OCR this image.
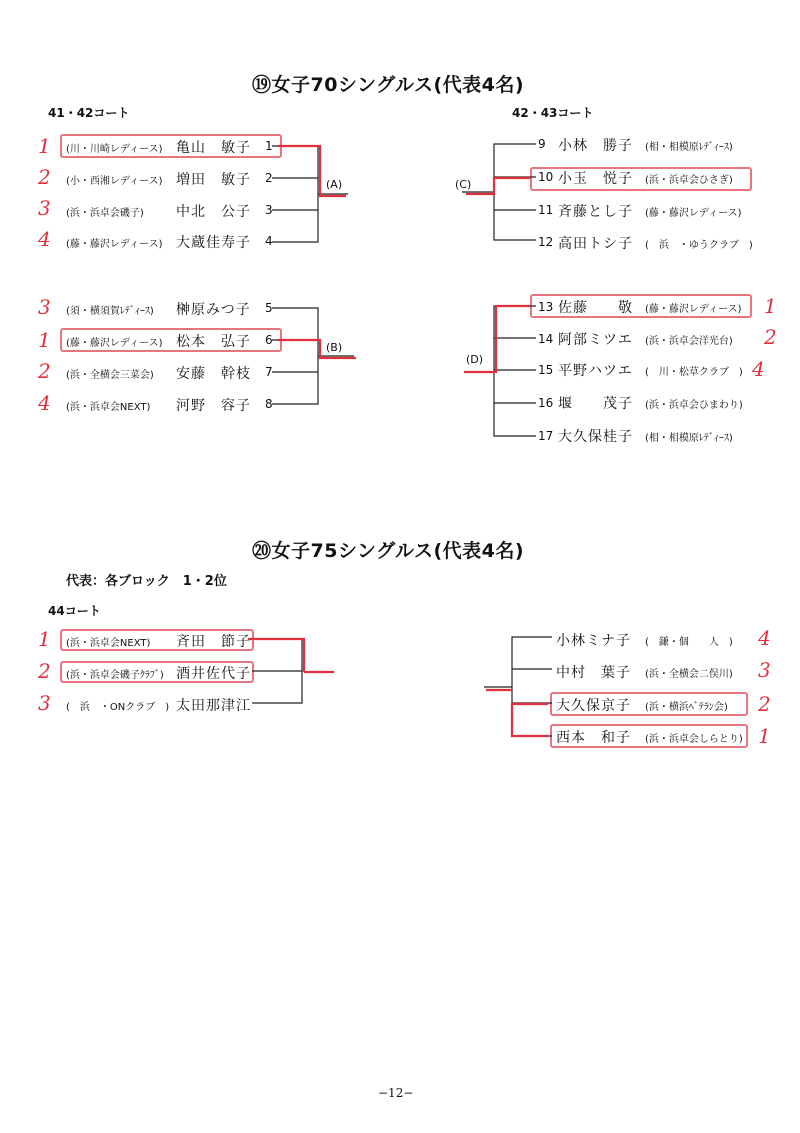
⑲女子70シングルス(代表4名)
41・42コート	42・43コート
1 (川・川崎レディース) 亀山　敏子 1
2 (小・西湘レディース) 増田　敏子 2
3 (浜・浜卓会磯子) 中北　公子 3
4 (藤・藤沢レディース) 大蔵佳寿子 4
(A)
3 (須・横須賀ﾚﾃﾞｨｰｽ) 榊原みつ子 5
1 (藤・藤沢レディース) 松本　弘子 6
2 (浜・全横会三菜会) 安藤　幹枝 7
4 (浜・浜卓会NEXT) 河野　容子 8
(B)
9 小林　勝子 (相・相模原ﾚﾃﾞｨｰｽ)
10 小玉　悦子 (浜・浜卓会ひさぎ)
11 斉藤とし子 (藤・藤沢レディース)
12 高田トシ子 (　浜　・ゆうクラブ　)
(C)
13 佐藤　　敬 (藤・藤沢レディース) 1
14 阿部ミツエ (浜・浜卓会洋光台) 2
15 平野ハツエ (　川・松草クラブ　) 4
16 堰　　茂子 (浜・浜卓会ひまわり)
17 大久保桂子 (相・相模原ﾚﾃﾞｨｰｽ)
(D)
⑳女子75シングルス(代表4名)
代表：各ブロック　1・2位
44コート
1 (浜・浜卓会NEXT) 斉田　節子
2 (浜・浜卓会磯子ｸﾗﾌﾞ) 酒井佐代子
3 (　浜　・ONクラブ　) 太田那津江
小林ミナ子 (　鎌・個　　人　) 4
中村　葉子 (浜・全横会二俣川) 3
大久保京子 (浜・横浜ﾍﾞﾃﾗﾝ会) 2
西本　和子 (浜・浜卓会しらとり) 1
−12−
